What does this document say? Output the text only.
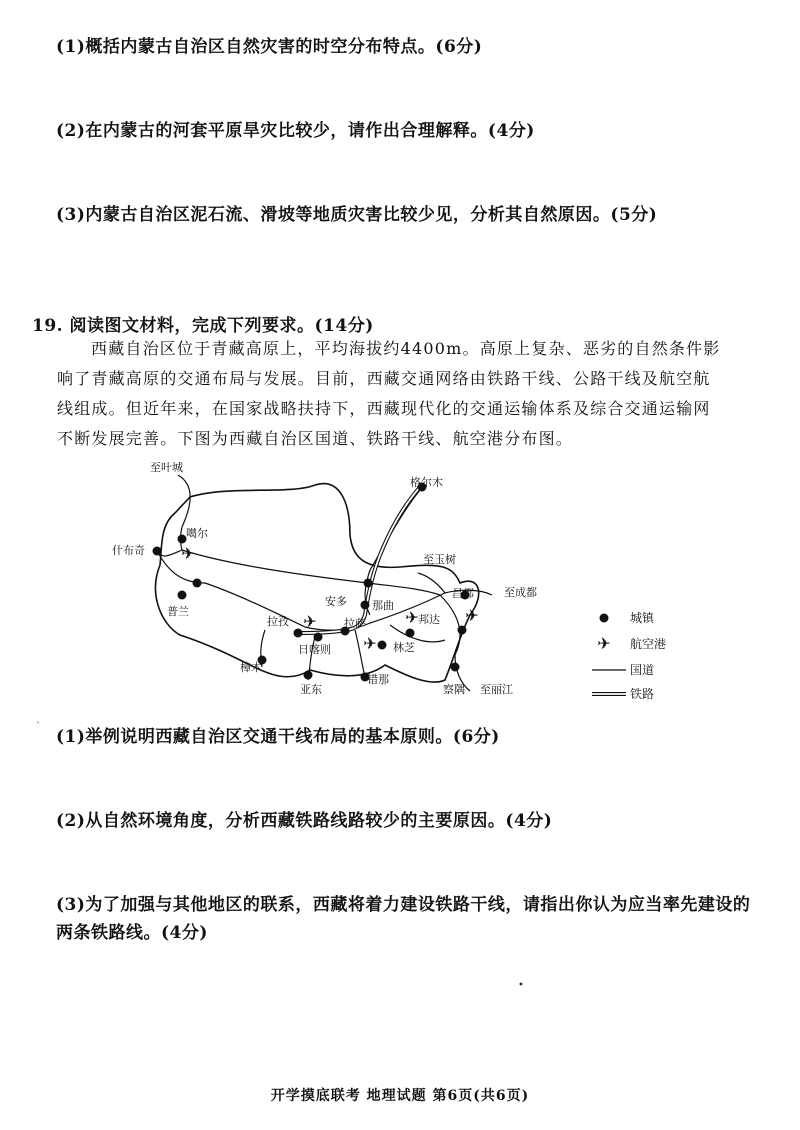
(1)概括内蒙古自治区自然灾害的时空分布特点。(6分)
(2)在内蒙古的河套平原旱灾比较少，请作出合理解释。(4分)
(3)内蒙古自治区泥石流、滑坡等地质灾害比较少见，分析其自然原因。(5分)
19. 阅读图文材料，完成下列要求。(14分)
西藏自治区位于青藏高原上，平均海拔约4400m。高原上复杂、恶劣的自然条件影响了青藏高原的交通布局与发展。目前，西藏交通网络由铁路干线、公路干线及航空航线组成。但近年来，在国家战略扶持下，西藏现代化的交通运输体系及综合交通运输网不断发展完善。下图为西藏自治区国道、铁路干线、航空港分布图。
✈
✈
✈
✈	✈
至叶城
格尔木
噶尔
什布奇
至玉树
昌都	至成都
安多 那曲
普兰
拉孜	拉萨	邦达
日喀则	林芝
樟木
亚东
错那
察隅 至丽江
城镇
✈ 航空港
国道
铁路
(1)举例说明西藏自治区交通干线布局的基本原则。(6分)
(2)从自然环境角度，分析西藏铁路线路较少的主要原因。(4分)
(3)为了加强与其他地区的联系，西藏将着力建设铁路干线，请指出你认为应当率先建设的
两条铁路线。(4分)
ˋ
•
开学摸底联考 地理试题 第6页(共6页)
